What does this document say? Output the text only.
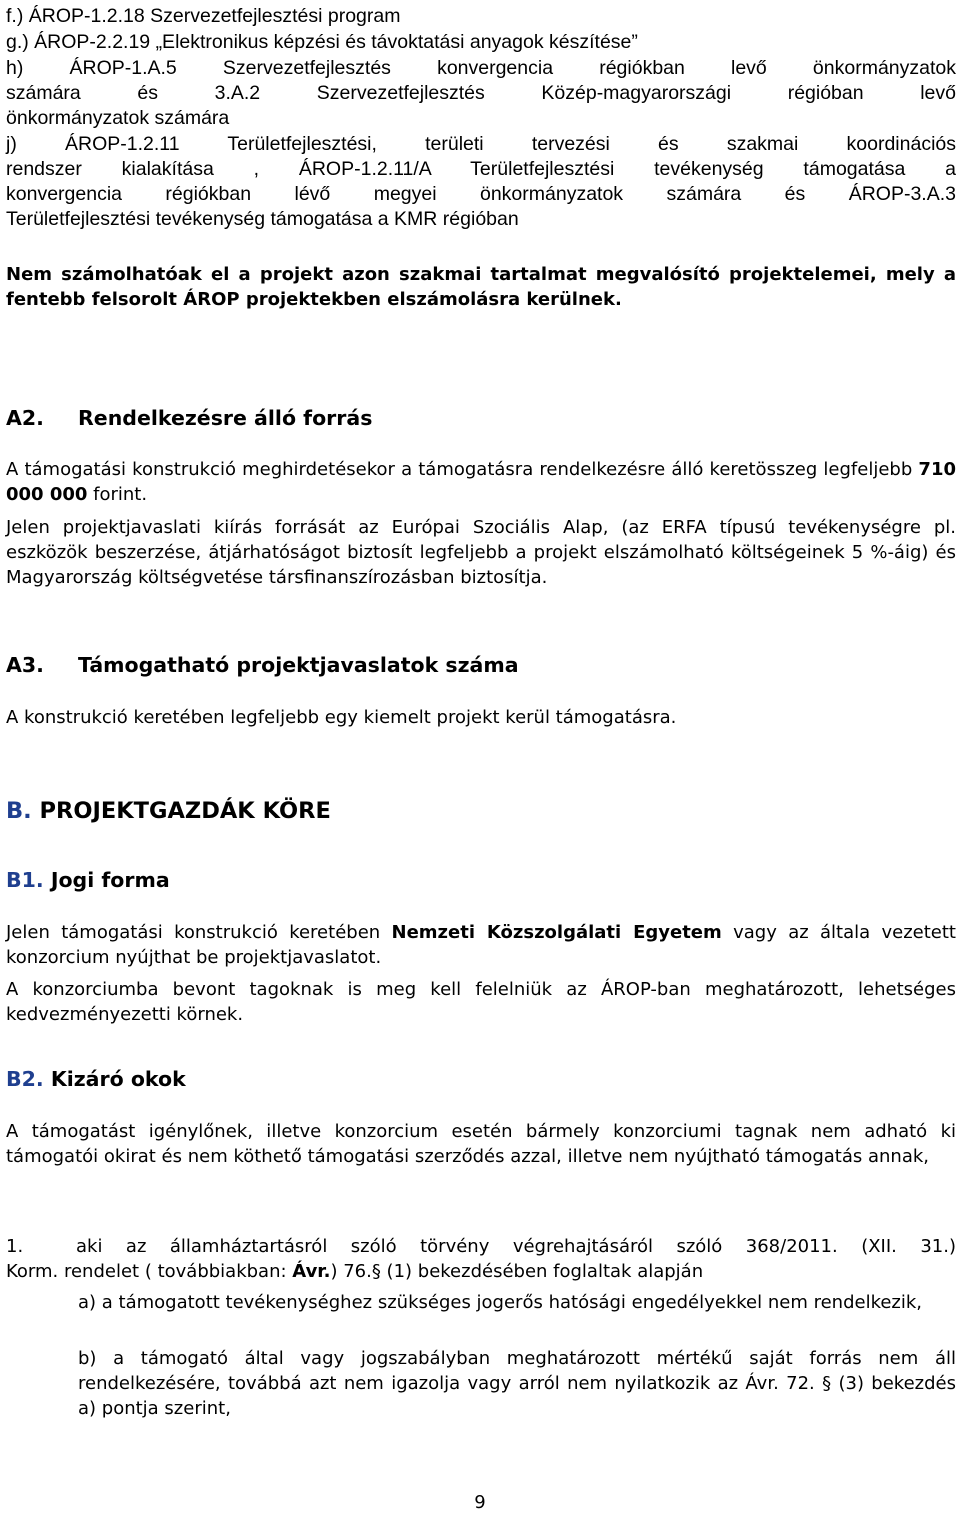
f.) ÁROP-1.2.18 Szervezetfejlesztési program

g.) ÁROP-2.2.19 „Elektronikus képzési és távoktatási anyagok készítése”

h) ÁROP-1.A.5 Szervezetfejlesztés konvergencia régiókban levő önkormányzatok

számára és 3.A.2 Szervezetfejlesztés Közép-magyarországi régióban levő

önkormányzatok számára

j) ÁROP-1.2.11 Területfejlesztési, területi tervezési és szakmai koordinációs

rendszer kialakítása , ÁROP-1.2.11/A Területfejlesztési tevékenység támogatása a

konvergencia régiókban lévő megyei önkormányzatok számára és ÁROP-3.A.3

Területfejlesztési tevékenység támogatása a KMR régióban

Nem számolhatóak el a projekt azon szakmai tartalmat megvalósító projektelemei, mely a fentebb felsorolt ÁROP projektekben elszámolásra kerülnek.

A2. Rendelkezésre álló forrás

A támogatási konstrukció meghirdetésekor a támogatásra rendelkezésre álló keretösszeg legfeljebb 710 000 000 forint.

Jelen projektjavaslati kiírás forrását az Európai Szociális Alap, (az ERFA típusú tevékenységre pl. eszközök beszerzése, átjárhatóságot biztosít legfeljebb a projekt elszámolható költségeinek 5 %-áig) és Magyarország költségvetése társfinanszírozásban biztosítja.

A3. Támogatható projektjavaslatok száma

A konstrukció keretében legfeljebb egy kiemelt projekt kerül támogatásra.

B. PROJEKTGAZDÁK KÖRE
B1. Jogi forma

Jelen támogatási konstrukció keretében Nemzeti Közszolgálati Egyetem vagy az általa vezetett konzorcium nyújthat be projektjavaslatot.

A konzorciumba bevont tagoknak is meg kell felelniük az ÁROP-ban meghatározott, lehetséges kedvezményezetti körnek.

B2. Kizáró okok

A támogatást igénylőnek, illetve konzorcium esetén bármely konzorciumi tagnak nem adható ki támogatói okirat és nem köthető támogatási szerződés azzal, illetve nem nyújtható támogatás annak,

1.	aki az államháztartásról szóló törvény végrehajtásáról szóló 368/2011. (XII. 31.)

Korm. rendelet ( továbbiakban: Ávr.) 76.§ (1) bekezdésében foglaltak alapján

a) a támogatott tevékenységhez szükséges jogerős hatósági engedélyekkel nem rendelkezik,

b) a támogató által vagy jogszabályban meghatározott mértékű saját forrás nem áll rendelkezésére, továbbá azt nem igazolja vagy arról nem nyilatkozik az Ávr. 72. § (3) bekezdés a) pontja szerint,

9
